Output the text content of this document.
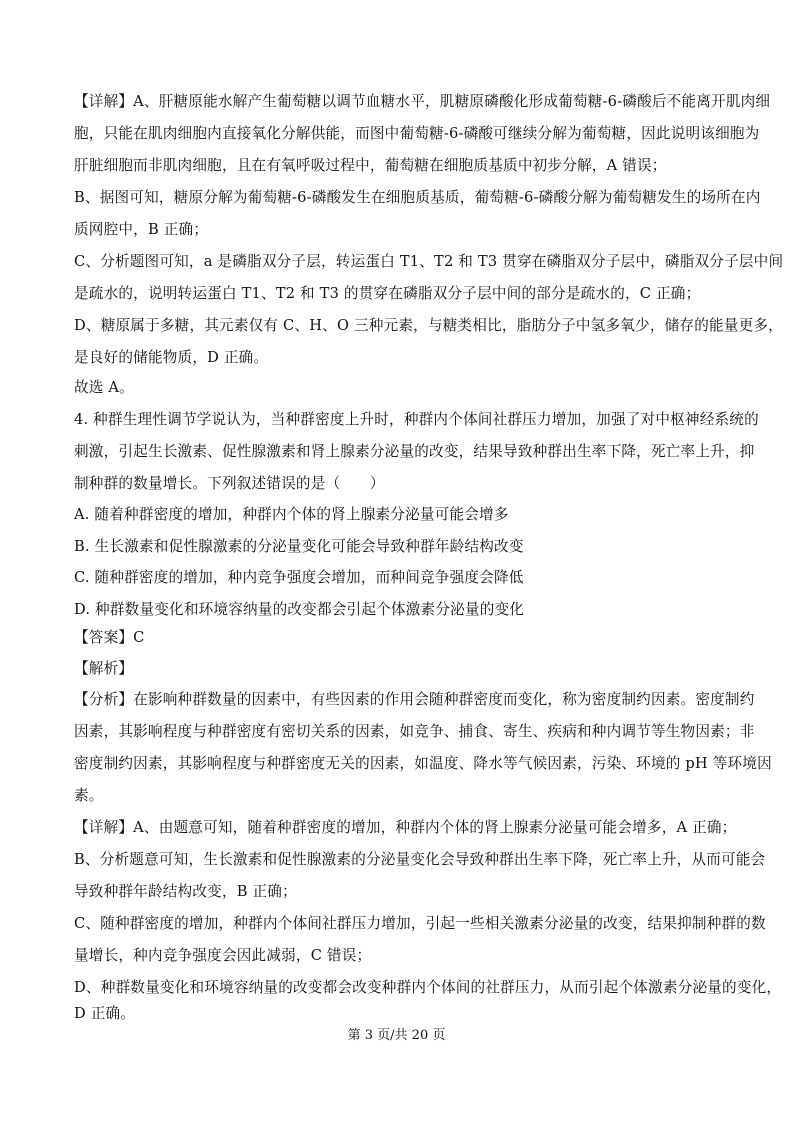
【详解】A、肝糖原能水解产生葡萄糖以调节血糖水平，肌糖原磷酸化形成葡萄糖-6-磷酸后不能离开肌肉细
胞，只能在肌肉细胞内直接氧化分解供能，而图中葡萄糖-6-磷酸可继续分解为葡萄糖，因此说明该细胞为
肝脏细胞而非肌肉细胞，且在有氧呼吸过程中，葡萄糖在细胞质基质中初步分解，A 错误；
B、据图可知，糖原分解为葡萄糖-6-磷酸发生在细胞质基质，葡萄糖-6-磷酸分解为葡萄糖发生的场所在内
质网腔中，B 正确；
C、分析题图可知，a 是磷脂双分子层，转运蛋白 T1、T2 和 T3 贯穿在磷脂双分子层中，磷脂双分子层中间
是疏水的，说明转运蛋白 T1、T2 和 T3 的贯穿在磷脂双分子层中间的部分是疏水的，C 正确；
D、糖原属于多糖，其元素仅有 C、H、O 三种元素，与糖类相比，脂肪分子中氢多氧少，储存的能量更多，
是良好的储能物质，D 正确。
故选 A。
4. 种群生理性调节学说认为，当种群密度上升时，种群内个体间社群压力增加，加强了对中枢神经系统的
刺激，引起生长激素、促性腺激素和肾上腺素分泌量的改变，结果导致种群出生率下降，死亡率上升，抑
制种群的数量增长。下列叙述错误的是（　　）
A. 随着种群密度的增加，种群内个体的肾上腺素分泌量可能会增多
B. 生长激素和促性腺激素的分泌量变化可能会导致种群年龄结构改变
C. 随种群密度的增加，种内竞争强度会增加，而种间竞争强度会降低
D. 种群数量变化和环境容纳量的改变都会引起个体激素分泌量的变化
【答案】C
【解析】
【分析】在影响种群数量的因素中，有些因素的作用会随种群密度而变化，称为密度制约因素。密度制约
因素，其影响程度与种群密度有密切关系的因素，如竞争、捕食、寄生、疾病和种内调节等生物因素；非
密度制约因素，其影响程度与种群密度无关的因素，如温度、降水等气候因素，污染、环境的 pH 等环境因
素。
【详解】A、由题意可知，随着种群密度的增加，种群内个体的肾上腺素分泌量可能会增多，A 正确；
B、分析题意可知，生长激素和促性腺激素的分泌量变化会导致种群出生率下降，死亡率上升，从而可能会
导致种群年龄结构改变，B 正确；
C、随种群密度的增加，种群内个体间社群压力增加，引起一些相关激素分泌量的改变，结果抑制种群的数
量增长，种内竞争强度会因此减弱，C 错误；
D、种群数量变化和环境容纳量的改变都会改变种群内个体间的社群压力，从而引起个体激素分泌量的变化，
D 正确。
第 3 页/共 20 页
